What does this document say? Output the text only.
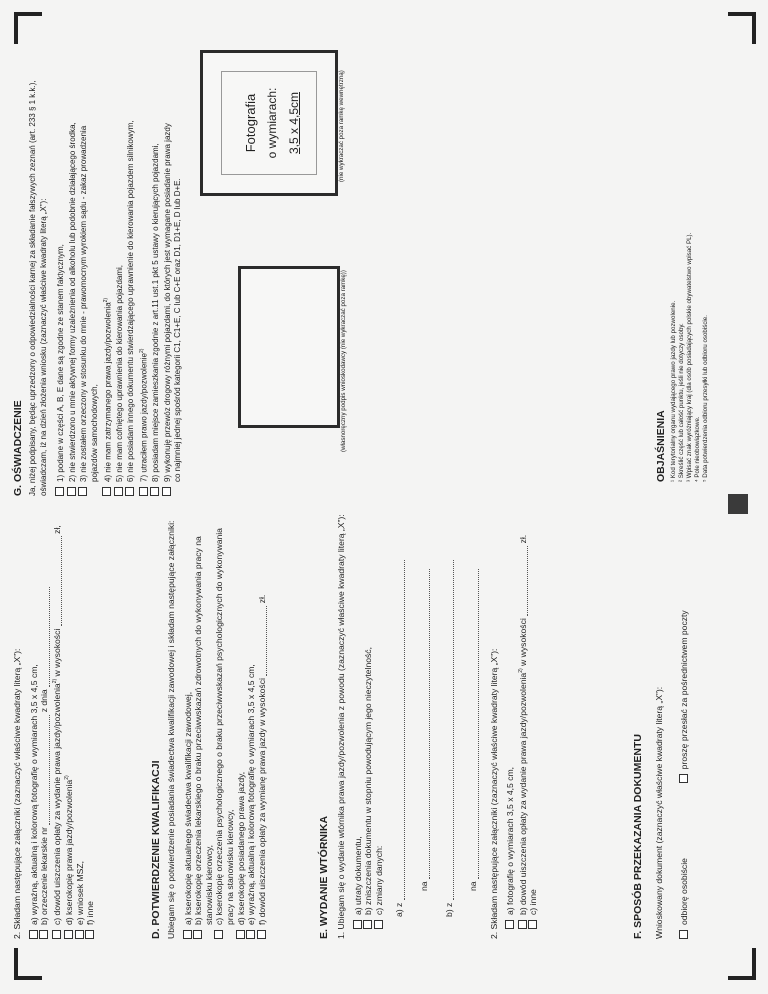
2. Składam następujące załączniki (zaznaczyć właściwe kwadraty literą „X”): a) wyraźną, aktualną i kolorową fotografię o wymiarach 3,5 x 4,5 cm, b) orzeczenie lekarskie nr  z dnia c) dowód uiszczenia opłaty za wydanie prawa jazdy/pozwolenia$^{2)}$ w wysokości  zł,
d) kserokopię prawa jazdy/pozwolenia$^{2)}$
e) wniosek MSZ, f) inne	D. POTWIERDZENIE KWALIFIKACJI Ubiegam się o potwierdzenie posiadania świadectwa kwalifikacji zawodowej i składam następujące załączniki: a) kserokopię aktualnego świadectwa kwalifikacji zawodowej, b) kserokopię orzeczenia lekarskiego o braku przeciwwskazań zdrowotnych do wykonywania pracy na stanowisku kierowcy, c) kserokopię orzeczenia psychologicznego o braku przeciwwskazań psychologicznych do wykonywania pracy na stanowisku kierowcy, d) kserokopię posiadanego prawa jazdy, e) wyraźną, aktualną i kolorową fotografię o wymiarach 3,5 x 4,5 cm, f) dowód uiszczenia opłaty za wymianę prawa jazdy w wysokości  zł.
E. WYDANIE WTÓRNIKA 1. Ubiegam się o wydanie wtórnika prawa jazdy/pozwolenia z powodu (zaznaczyć właściwe kwadraty literą „X”): a) utraty dokumentu, b) zniszczenia dokumentu w stopniu powodującym jego nieczytelność, c) zmiany danych: a) z
na
b) z
na 2. Składam następujące załączniki (zaznaczyć właściwe kwadraty literą „X”): a) fotografię o wymiarach 3,5 x 4,5 cm, b) dowód uiszczenia opłaty za wydanie prawa jazdy/pozwolenia$^{2)}$ w wysokości  zł.
c) inne	F. SPOSÓB PRZEKAZANIA DOKUMENTU Wnioskowany dokument (zaznaczyć właściwe kwadraty literą „X”): odbiorę osobiście  proszę przesłać za pośrednictwem poczty
G. OŚWIADCZENIE Ja, niżej podpisany, będąc uprzedzony o odpowiedzialności karnej za składanie fałszywych zeznań (art. 233 § 1 k.k.), oświadczam, iż na dzień złożenia wniosku (zaznaczyć właściwe kwadraty literą „X”): 1) podane w części A, B, E dane są zgodne ze stanem faktycznym, 2) nie stwierdzono u mnie aktywnej formy uzależnienia od alkoholu lub podobnie działającego środka, 3) nie zostałem orzeczony w stosunku do mnie - prawomocnym wyrokiem sądu - zakaz prowadzenia pojazdów samochodowych, 4) nie mam zatrzymanego prawa jazdy/pozwolenia$^{2)}$ 5) nie mam cofniętego uprawnienia do kierowania pojazdami, 6) nie posiadam innego dokumentu stwierdzającego uprawnienie do kierowania pojazdem silnikowym, 7) utraciłem prawo jazdy/pozwolenie$^{2)}$ 8) posiadam miejsce zamieszkania zgodnie z art.11 ust.1 pkt 5 ustawy o kierujących pojazdami, 9) wykonuję przewóz drogowy różnymi pojazdami, do których jest wymagane posiadanie prawa jazdy co najmniej jednej spośród kategorii C1, C1+E, C lub C+E oraz D1, D1+E, D lub D+E.	(własnoręczny podpis wnioskodawcy (nie wykraczać poza ramkę))
Fotografia o wymiarach: 3,5 x 4,5cm	(nie wykraczać poza ramkę wewnętrzną)
OBJAŚNIENIA ¹ Kod terytorialny organu wydającego prawo jazdy lub pozwolenie. ² Skreślić część lub całość punktu, jeśli nie dotyczy osoby. ³ Wpisać znak wyróżniający kraj (dla osób posiadających polskie obywatelstwo wpisać PL). ⁴ Pole nieobowiązkowe. ⁵ Data potwierdzenia odbioru przesyłki lub odbioru osobiście.
